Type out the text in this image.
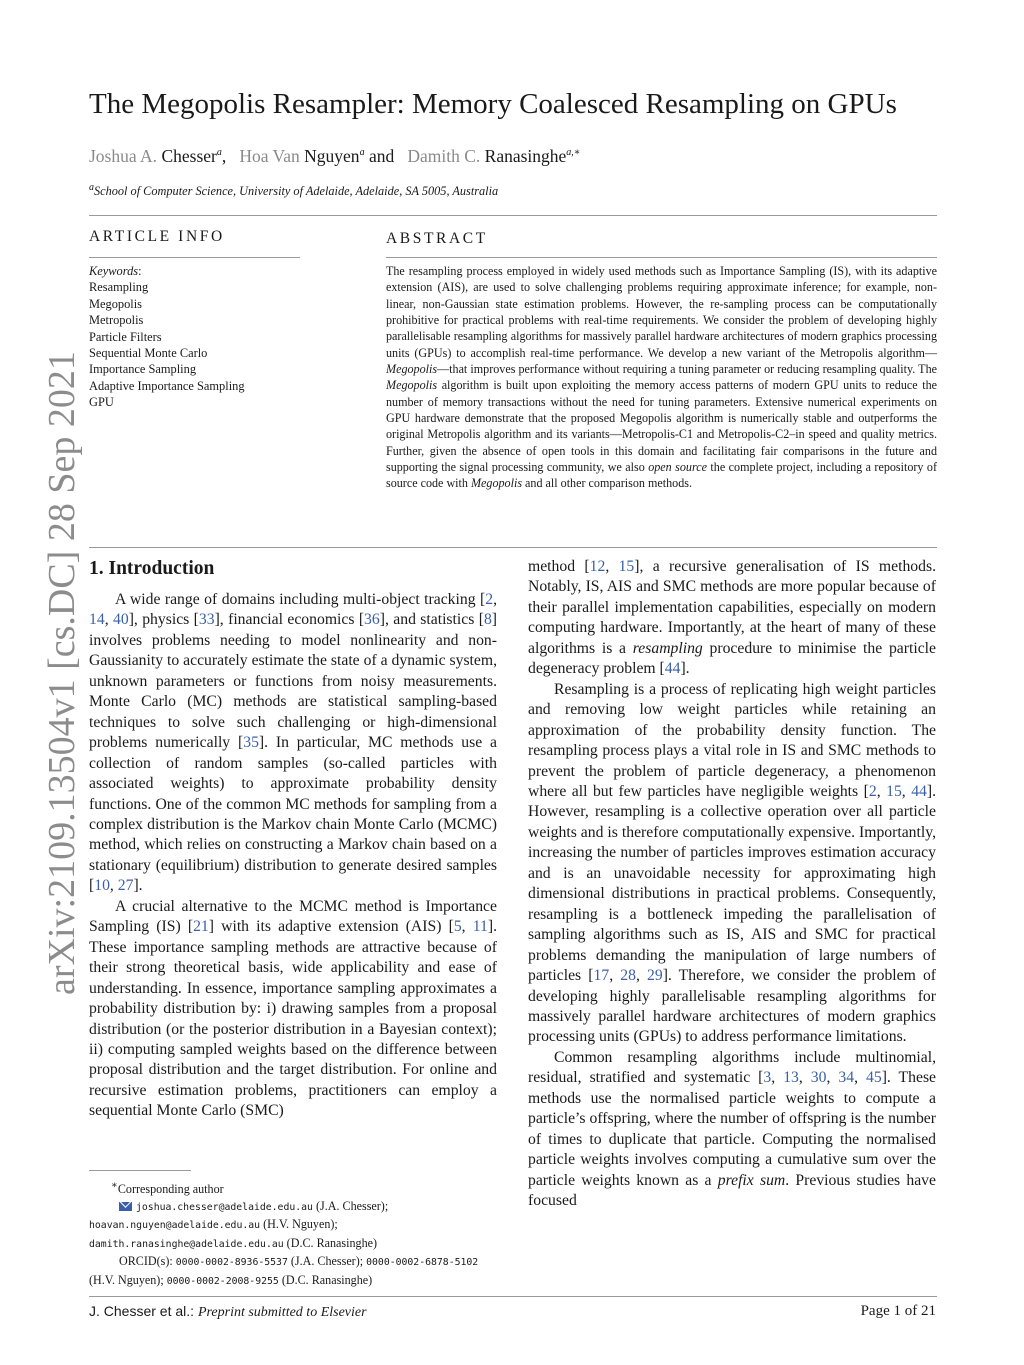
arXiv:2109.13504v1 [cs.DC] 28 Sep 2021
The Megopolis Resampler: Memory Coalesced Resampling on GPUs
Joshua A. Chesser$^a$,   Hoa Van Nguyen$^a$ and   Damith C. Ranasinghe$^{a,∗}$
$^a$School of Computer Science, University of Adelaide, Adelaide, SA 5005, Australia
ARTICLE INFO
Keywords:
Resampling
Megopolis
Metropolis
Particle Filters
Sequential Monte Carlo
Importance Sampling
Adaptive Importance Sampling
GPU
ABSTRACT
The resampling process employed in widely used methods such as Importance Sampling (IS), with its adaptive extension (AIS), are used to solve challenging problems requiring approximate inference; for example, non-linear, non-Gaussian state estimation problems. However, the re-sampling process can be computationally prohibitive for practical problems with real-time requirements. We consider the problem of developing highly parallelisable resampling algorithms for massively parallel hardware architectures of modern graphics processing units (GPUs) to accomplish real-time performance. We develop a new variant of the Metropolis algorithm—Megopolis—that improves performance without requiring a tuning parameter or reducing resampling quality. The Megopolis algorithm is built upon exploiting the memory access patterns of modern GPU units to reduce the number of memory transactions without the need for tuning parameters. Extensive numerical experiments on GPU hardware demonstrate that the proposed Megopolis algorithm is numerically stable and outperforms the original Metropolis algorithm and its variants—Metropolis-C1 and Metropolis-C2–in speed and quality metrics. Further, given the absence of open tools in this domain and facilitating fair comparisons in the future and supporting the signal processing community, we also open source the complete project, including a repository of source code with Megopolis and all other comparison methods.
1. Introduction

A wide range of domains including multi-object tracking [2, 14, 40], physics [33], financial economics [36], and statistics [8] involves problems needing to model nonlinearity and non-Gaussianity to accurately estimate the state of a dynamic system, unknown parameters or functions from noisy measurements. Monte Carlo (MC) methods are statistical sampling-based techniques to solve such challenging or high-dimensional problems numerically [35]. In particular, MC methods use a collection of random samples (so-called particles with associated weights) to approximate probability density functions. One of the common MC methods for sampling from a complex distribution is the Markov chain Monte Carlo (MCMC) method, which relies on constructing a Markov chain based on a stationary (equilibrium) distribution to generate desired samples [10, 27].

A crucial alternative to the MCMC method is Importance Sampling (IS) [21] with its adaptive extension (AIS) [5, 11]. These importance sampling methods are attractive because of their strong theoretical basis, wide applicability and ease of understanding. In essence, importance sampling approximates a probability distribution by: i) drawing samples from a proposal distribution (or the posterior distribution in a Bayesian context); ii) computing sampled weights based on the difference between proposal distribution and the target distribution. For online and recursive estimation problems, practitioners can employ a sequential Monte Carlo (SMC)

method [12, 15], a recursive generalisation of IS methods. Notably, IS, AIS and SMC methods are more popular because of their parallel implementation capabilities, especially on modern computing hardware. Importantly, at the heart of many of these algorithms is a resampling procedure to minimise the particle degeneracy problem [44].

Resampling is a process of replicating high weight particles and removing low weight particles while retaining an approximation of the probability density function. The resampling process plays a vital role in IS and SMC methods to prevent the problem of particle degeneracy, a phenomenon where all but few particles have negligible weights [2, 15, 44]. However, resampling is a collective operation over all particle weights and is therefore computationally expensive. Importantly, increasing the number of particles improves estimation accuracy and is an unavoidable necessity for approximating high dimensional distributions in practical problems. Consequently, resampling is a bottleneck impeding the parallelisation of sampling algorithms such as IS, AIS and SMC for practical problems demanding the manipulation of large numbers of particles [17, 28, 29]. Therefore, we consider the problem of developing highly parallelisable resampling algorithms for massively parallel hardware architectures of modern graphics processing units (GPUs) to address performance limitations.

Common resampling algorithms include multinomial, residual, stratified and systematic [3, 13, 30, 34, 45]. These methods use the normalised particle weights to compute a particle’s offspring, where the number of offspring is the number of times to duplicate that particle. Computing the normalised particle weights involves computing a cumulative sum over the particle weights known as a prefix sum. Previous studies have focused

∗Corresponding author
joshua.chesser@adelaide.edu.au (J.A. Chesser);
hoavan.nguyen@adelaide.edu.au (H.V. Nguyen);
damith.ranasinghe@adelaide.edu.au (D.C. Ranasinghe)
ORCID(s): 0000-0002-8936-5537 (J.A. Chesser); 0000-0002-6878-5102
(H.V. Nguyen); 0000-0002-2008-9255 (D.C. Ranasinghe)
J. Chesser et al.: Preprint submitted to Elsevier	Page 1 of 21
